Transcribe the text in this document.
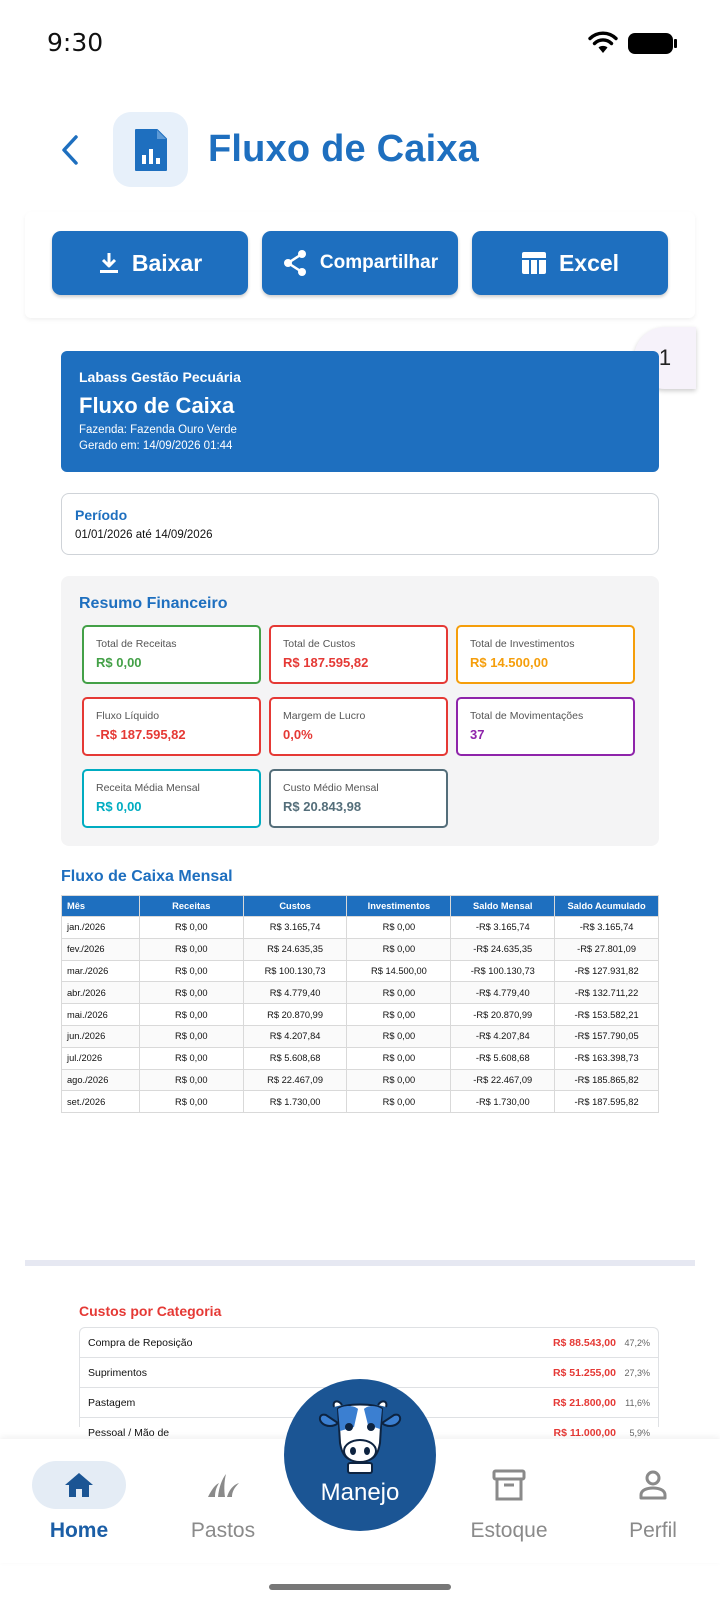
9:30
Fluxo de Caixa
Baixar	Compartilhar	Excel
1
Labass Gestão Pecuária
Fluxo de Caixa
Fazenda: Fazenda Ouro Verde
Gerado em: 14/09/2026 01:44
Período
01/01/2026 até 14/09/2026
Resumo Financeiro
Total de Receitas
R$ 0,00
Total de Custos
R$ 187.595,82
Total de Investimentos
R$ 14.500,00
Fluxo Líquido
-R$ 187.595,82
Margem de Lucro
0,0%
Total de Movimentações
37
Receita Média Mensal
R$ 0,00
Custo Médio Mensal
R$ 20.843,98
Fluxo de Caixa Mensal
Mês	Receitas	Custos	Investimentos	Saldo Mensal	Saldo Acumulado
jan./2026	R$ 0,00	R$ 3.165,74	R$ 0,00	-R$ 3.165,74	-R$ 3.165,74
fev./2026	R$ 0,00	R$ 24.635,35	R$ 0,00	-R$ 24.635,35	-R$ 27.801,09
mar./2026	R$ 0,00	R$ 100.130,73	R$ 14.500,00	-R$ 100.130,73	-R$ 127.931,82
abr./2026	R$ 0,00	R$ 4.779,40	R$ 0,00	-R$ 4.779,40	-R$ 132.711,22
mai./2026	R$ 0,00	R$ 20.870,99	R$ 0,00	-R$ 20.870,99	-R$ 153.582,21
jun./2026	R$ 0,00	R$ 4.207,84	R$ 0,00	-R$ 4.207,84	-R$ 157.790,05
jul./2026	R$ 0,00	R$ 5.608,68	R$ 0,00	-R$ 5.608,68	-R$ 163.398,73
ago./2026	R$ 0,00	R$ 22.467,09	R$ 0,00	-R$ 22.467,09	-R$ 185.865,82
set./2026	R$ 0,00	R$ 1.730,00	R$ 0,00	-R$ 1.730,00	-R$ 187.595,82
Custos por Categoria
Compra de Reposição	R$ 88.543,00 47,2%
Suprimentos	R$ 51.255,00 27,3%
Pastagem	R$ 21.800,00	11,6%
Pessoal / Mão de	R$ 11.000,00	5,9%
Home	Pastos	Estoque	Perfil
Manejo
